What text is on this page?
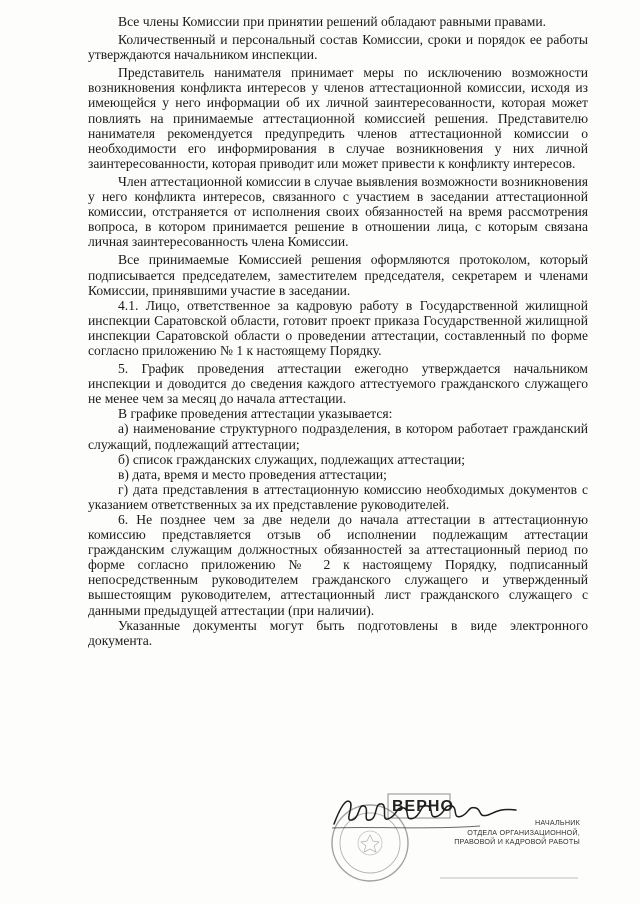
Все члены Комиссии при принятии решений обладают равными правами.

Количественный и персональный состав Комиссии, сроки и порядок ее работы утверждаются начальником инспекции.

Представитель нанимателя принимает меры по исключению возможности возникновения конфликта интересов у членов аттестационной комиссии, исходя из имеющейся у него информации об их личной заинтересованности, которая может повлиять на принимаемые аттестационной комиссией решения. Представителю нанимателя рекомендуется предупредить членов аттестационной комиссии о необходимости его информирования в случае возникновения у них личной заинтересованности, которая приводит или может привести к конфликту интересов.

Член аттестационной комиссии в случае выявления возможности возникновения у него конфликта интересов, связанного с участием в заседании аттестационной комиссии, отстраняется от исполнения своих обязанностей на время рассмотрения вопроса, в котором принимается решение в отношении лица, с которым связана личная заинтересованность члена Комиссии.

Все принимаемые Комиссией решения оформляются протоколом, который подписывается председателем, заместителем председателя, секретарем и членами Комиссии, принявшими участие в заседании.

4.1. Лицо, ответственное за кадровую работу в Государственной жилищной инспекции Саратовской области, готовит проект приказа Государственной жилищной инспекции Саратовской области о проведении аттестации, составленный по форме согласно приложению № 1 к настоящему Порядку.

5. График проведения аттестации ежегодно утверждается начальником инспекции и доводится до сведения каждого аттестуемого гражданского служащего не менее чем за месяц до начала аттестации.

В графике проведения аттестации указывается:

а) наименование структурного подразделения, в котором работает гражданский служащий, подлежащий аттестации;

б) список гражданских служащих, подлежащих аттестации;

в) дата, время и место проведения аттестации;

г) дата представления в аттестационную комиссию необходимых документов с указанием ответственных за их представление руководителей.

6. Не позднее чем за две недели до начала аттестации в аттестационную комиссию представляется отзыв об исполнении подлежащим аттестации гражданским служащим должностных обязанностей за аттестационный период по форме согласно приложению № 2 к настоящему Порядку, подписанный непосредственным руководителем гражданского служащего и утвержденный вышестоящим руководителем, аттестационный лист гражданского служащего с данными предыдущей аттестации (при наличии).

Указанные документы могут быть подготовлены в виде электронного документа.

ВЕРНО
НАЧАЛЬНИК
ОТДЕЛА ОРГАНИЗАЦИОННОЙ,
ПРАВОВОЙ И КАДРОВОЙ РАБОТЫ
